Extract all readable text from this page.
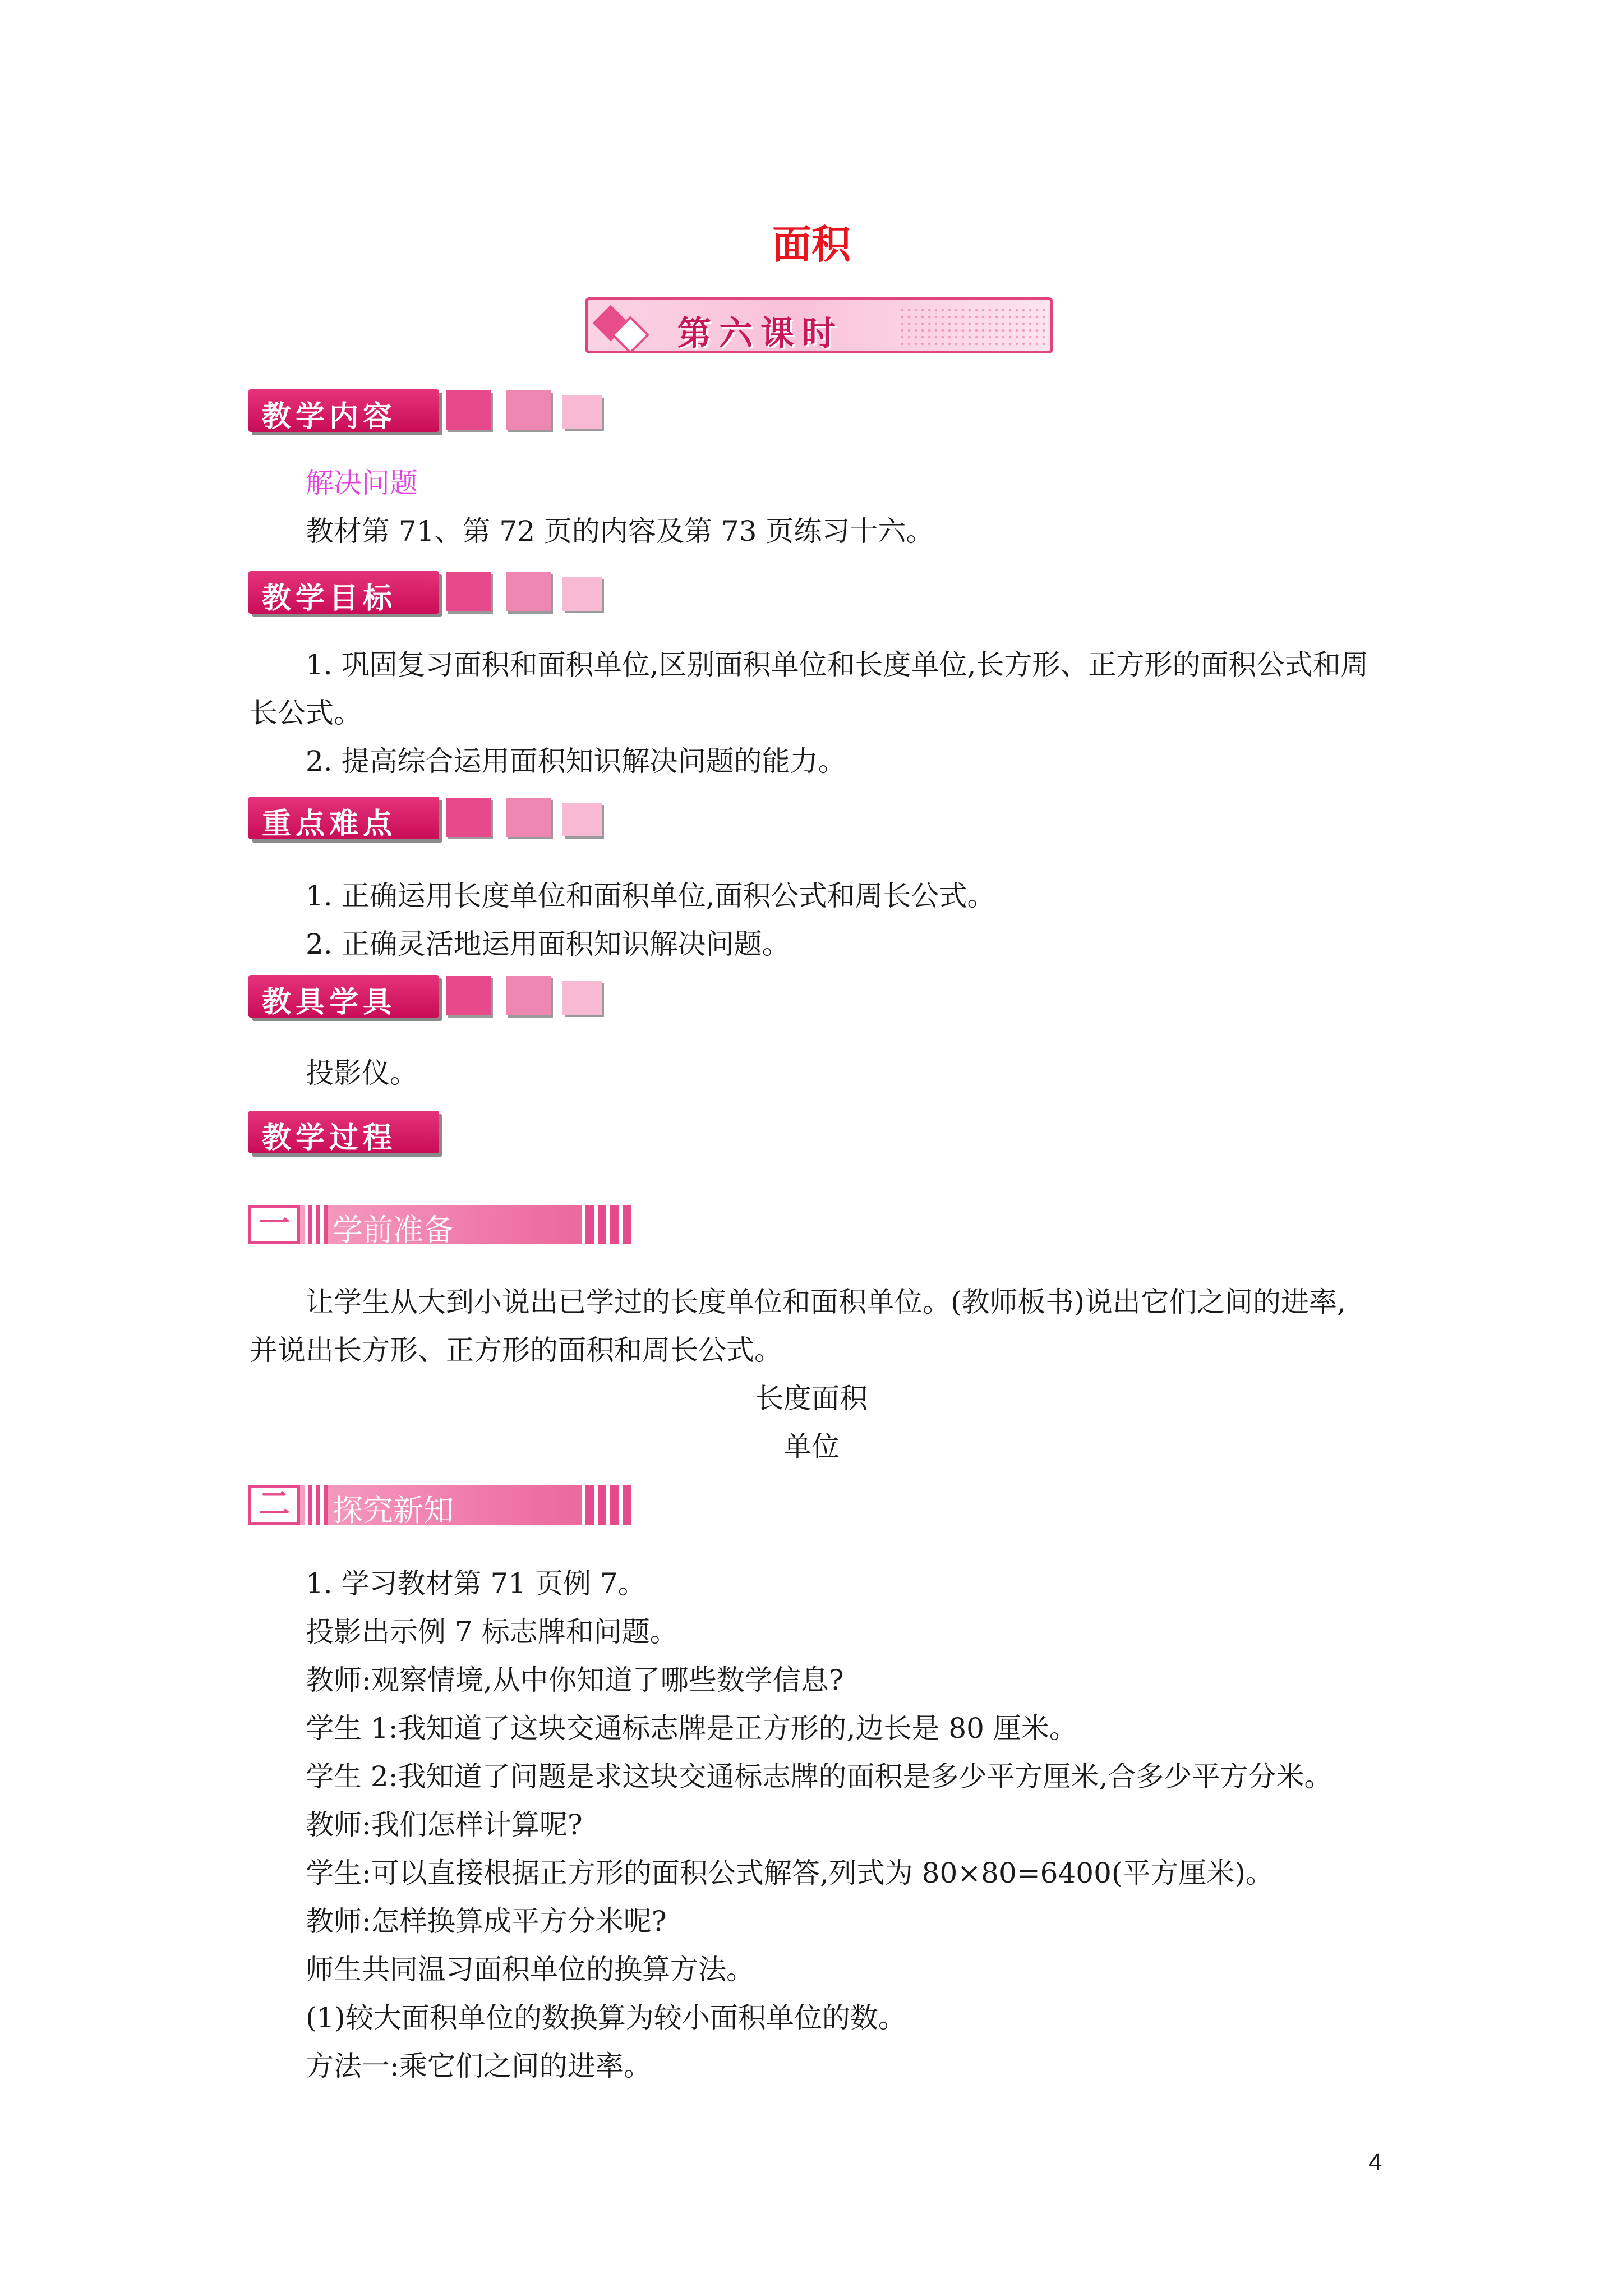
面积
第六课时
教学内容
解决问题
教材第 71、第 72 页的内容及第 73 页练习十六。
教学目标
1. 巩固复习面积和面积单位,区别面积单位和长度单位,长方形、正方形的面积公式和周
长公式。
2. 提高综合运用面积知识解决问题的能力。
重点难点
1. 正确运用长度单位和面积单位,面积公式和周长公式。
2. 正确灵活地运用面积知识解决问题。
教具学具
投影仪。
教学过程
一	学前准备
让学生从大到小说出已学过的长度单位和面积单位。(教师板书)说出它们之间的进率,
并说出长方形、正方形的面积和周长公式。
长度面积
单位
二	探究新知
1. 学习教材第 71 页例 7。
投影出示例 7 标志牌和问题。
教师:观察情境,从中你知道了哪些数学信息?
学生 1:我知道了这块交通标志牌是正方形的,边长是 80 厘米。
学生 2:我知道了问题是求这块交通标志牌的面积是多少平方厘米,合多少平方分米。
教师:我们怎样计算呢?
学生:可以直接根据正方形的面积公式解答,列式为 80×80=6400(平方厘米)。
教师:怎样换算成平方分米呢?
师生共同温习面积单位的换算方法。
(1)较大面积单位的数换算为较小面积单位的数。
方法一:乘它们之间的进率。
4
